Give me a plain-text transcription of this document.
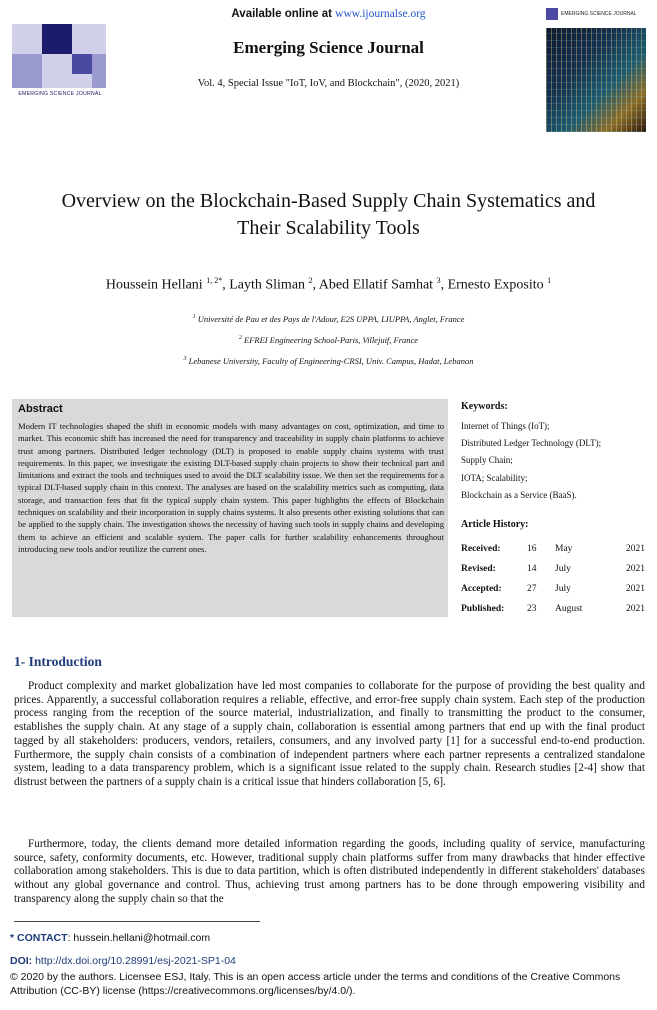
EMERGING SCIENCE JOURNAL
Available online at www.ijournalse.org
Emerging Science Journal
Vol. 4, Special Issue "IoT, IoV, and Blockchain", (2020, 2021)
EMERGING SCIENCE JOURNAL
Overview on the Blockchain-Based Supply Chain Systematics and
Their Scalability Tools
Houssein Hellani $^{1, 2*}$, Layth Sliman $^2$, Abed Ellatif Samhat $^3$, Ernesto Exposito $^1$
$^1$ Université de Pau et des Pays de l'Adour, E2S UPPA, LIUPPA, Anglet, France
$^2$ EFREI Engineering School-Paris, Villejuif, France
$^3$ Lebanese University, Faculty of Engineering-CRSI, Univ. Campus, Hadat, Lebanon
Abstract
Modern IT technologies shaped the shift in economic models with many advantages on cost, optimization, and time to market. This economic shift has increased the need for transparency and traceability in supply chain platforms to achieve trust among partners. Distributed ledger technology (DLT) is proposed to enable supply chains systems with trust requirements. In this paper, we investigate the existing DLT-based supply chain projects to show their technical part and limitations and extract the tools and techniques used to avoid the DLT scalability issue. We then set the requirements for a typical DLT-based supply chain in this context. The analyses are based on the scalability metrics such as computing, data storage, and transaction fees that fit the typical supply chain system. This paper highlights the effects of Blockchain techniques on scalability and their incorporation in supply chains systems. It also presents other existing solutions that can be applied to the supply chain. The investigation shows the necessity of having such tools in supply chains and developing them to achieve an efficient and scalable system. The paper calls for further scalability enhancements throughout introducing new tools and/or reutilize the current ones.
Keywords:
Internet of Things (IoT);
Distributed Ledger Technology (DLT);
Supply Chain;
IOTA; Scalability;
Blockchain as a Service (BaaS).
Article History:
Received:	16	May	2021
Revised:	14	July	2021
Accepted:	27	July	2021
Published:	23	August	2021
1- Introduction
Product complexity and market globalization have led most companies to collaborate for the purpose of providing the best quality and prices. Apparently, a successful collaboration requires a reliable, effective, and error-free supply chain system. Each step of the production process ranging from the reception of the source material, industrialization, and finally to transmitting the product to the consumer, establishes the supply chain. At any stage of a supply chain, collaboration is essential among partners that end up with the final product tagged by all stakeholders: producers, vendors, retailers, consumers, and any involved party [1] for a successful end-to-end production. Furthermore, the supply chain consists of a combination of independent partners where each partner represents a centralized standalone system, leading to a data transparency problem, which is a significant issue related to the supply chain. Research studies [2-4] show that distrust between the partners of a supply chain is a critical issue that hinders collaboration [5, 6].
Furthermore, today, the clients demand more detailed information regarding the goods, including quality of service, manufacturing source, safety, conformity documents, etc. However, traditional supply chain platforms suffer from many drawbacks that hinder effective collaboration among stakeholders. This is due to data partition, which is often distributed independently in different stakeholders' databases without any global governance and control. Thus, achieving trust among partners has to be done through empowering visibility and transparency along the supply chain so that the
* CONTACT: hussein.hellani@hotmail.com
DOI: http://dx.doi.org/10.28991/esj-2021-SP1-04
© 2020 by the authors. Licensee ESJ, Italy. This is an open access article under the terms and conditions of the Creative Commons Attribution (CC-BY) license (https://creativecommons.org/licenses/by/4.0/).
